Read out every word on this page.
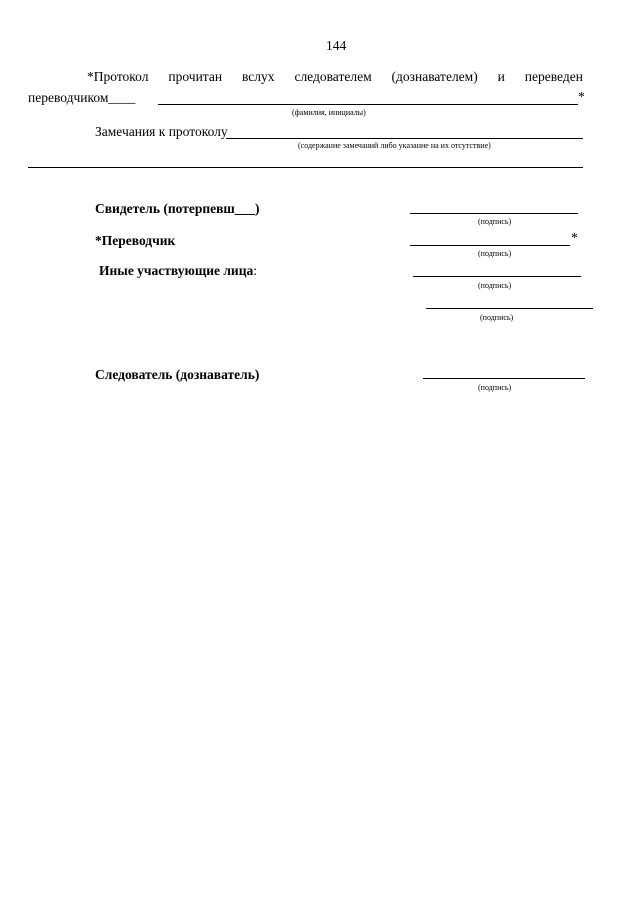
144
*Протокол прочитан вслух следователем (дознавателем) и переведен
переводчиком____	*
(фамилия, инициалы)
Замечания к протоколу
(содержание замечаний либо указание на их отсутствие)
Свидетель (потерпевш___)
(подпись)
*Переводчик	*
(подпись)
Иные участвующие лица:
(подпись)
(подпись)
Следователь (дознаватель)
(подпись)
